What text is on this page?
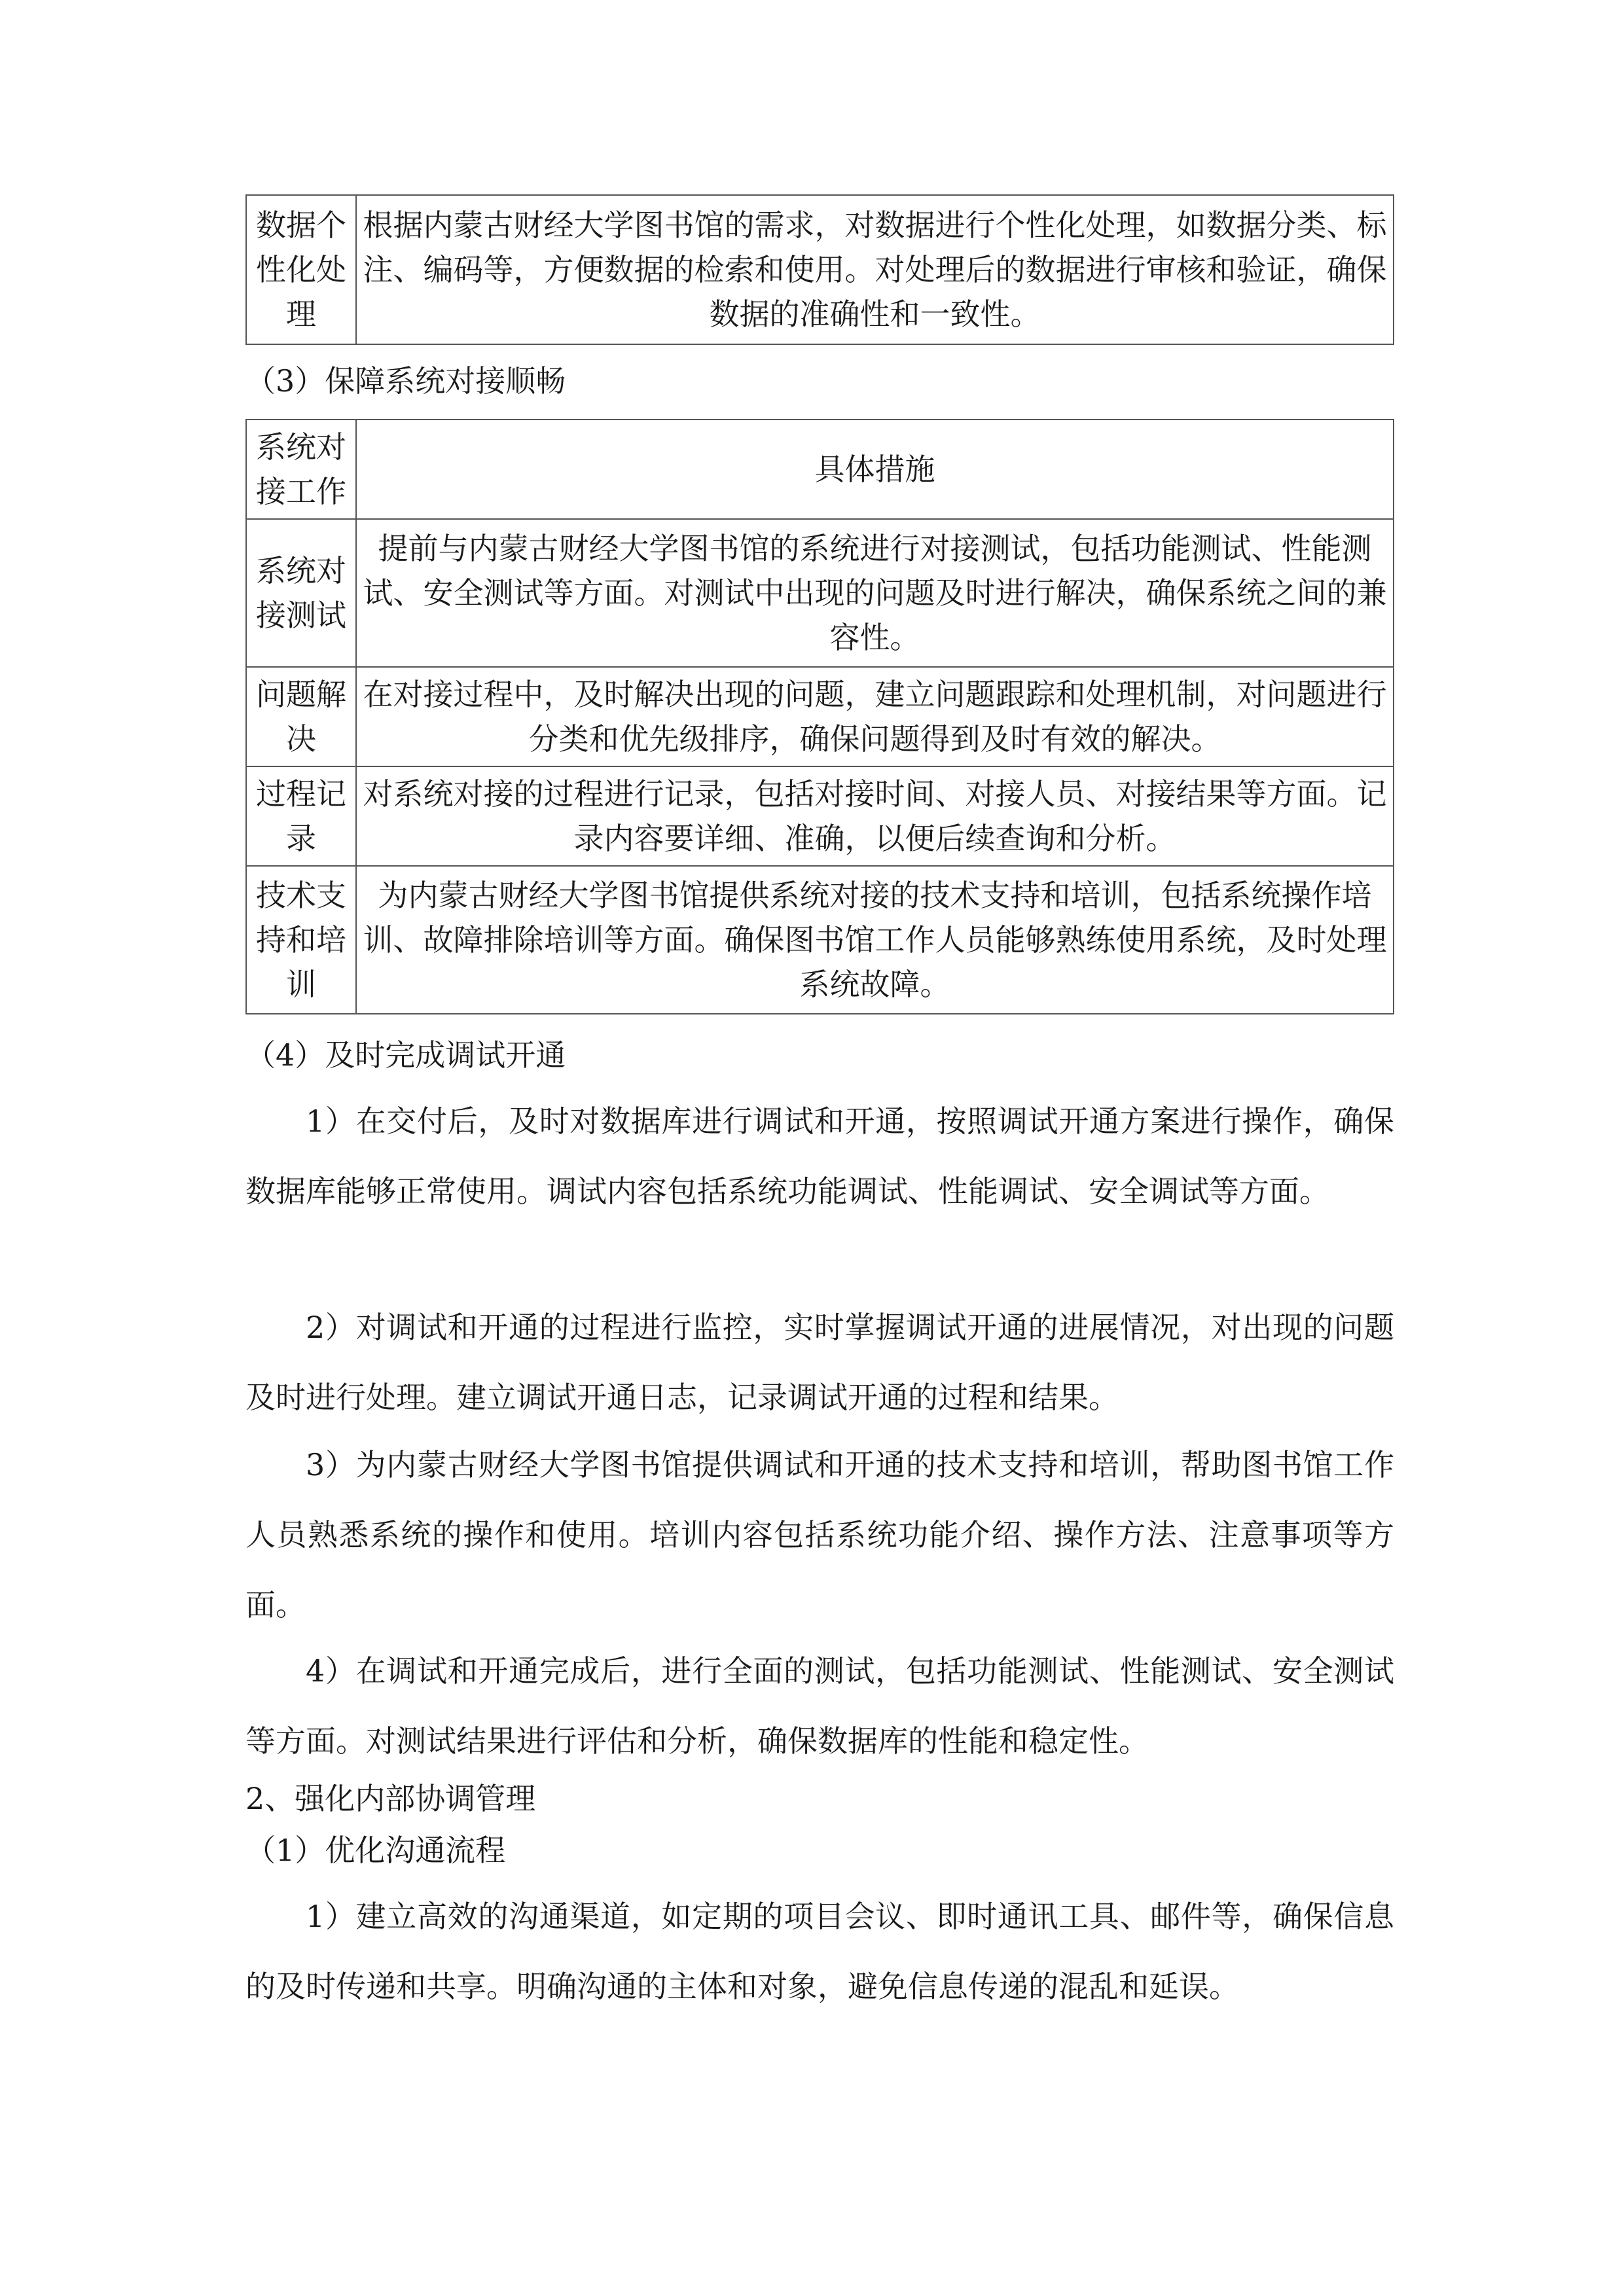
数据个性化处理	根据内蒙古财经大学图书馆的需求，对数据进行个性化处理，如数据分类、标注、编码等，方便数据的检索和使用。对处理后的数据进行审核和验证，确保数据的准确性和一致性。
（3）保障系统对接顺畅
系统对接工作	具体措施
系统对接测试	提前与内蒙古财经大学图书馆的系统进行对接测试，包括功能测试、性能测试、安全测试等方面。对测试中出现的问题及时进行解决，确保系统之间的兼容性。
问题解决	在对接过程中，及时解决出现的问题，建立问题跟踪和处理机制，对问题进行分类和优先级排序，确保问题得到及时有效的解决。
过程记录	对系统对接的过程进行记录，包括对接时间、对接人员、对接结果等方面。记录内容要详细、准确，以便后续查询和分析。
技术支持和培训	为内蒙古财经大学图书馆提供系统对接的技术支持和培训，包括系统操作培训、故障排除培训等方面。确保图书馆工作人员能够熟练使用系统，及时处理系统故障。
（4）及时完成调试开通

1）在交付后，及时对数据库进行调试和开通，按照调试开通方案进行操作，确保数据库能够正常使用。调试内容包括系统功能调试、性能调试、安全调试等方面。

2）对调试和开通的过程进行监控，实时掌握调试开通的进展情况，对出现的问题及时进行处理。建立调试开通日志，记录调试开通的过程和结果。

3）为内蒙古财经大学图书馆提供调试和开通的技术支持和培训，帮助图书馆工作人员熟悉系统的操作和使用。培训内容包括系统功能介绍、操作方法、注意事项等方面。

4）在调试和开通完成后，进行全面的测试，包括功能测试、性能测试、安全测试等方面。对测试结果进行评估和分析，确保数据库的性能和稳定性。

2、强化内部协调管理
（1）优化沟通流程

1）建立高效的沟通渠道，如定期的项目会议、即时通讯工具、邮件等，确保信息的及时传递和共享。明确沟通的主体和对象，避免信息传递的混乱和延误。
